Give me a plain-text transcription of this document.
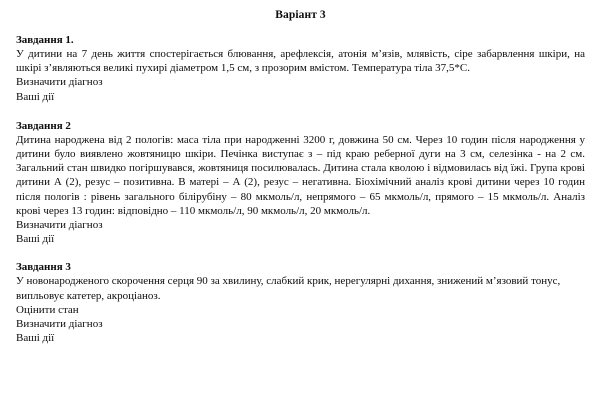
Варіант 3
Завдання 1.
У дитини на 7 день життя спостерігається блювання, арефлексія, атонія м’язів, млявість, сіре забарвлення шкіри, на шкірі з’являються великі пухирі діаметром 1,5 см, з прозорим вмістом. Температура тіла 37,5*С.
Визначити діагноз
Ваші дії
Завдання 2
Дитина народжена від 2 пологів: маса тіла при народженні 3200 г, довжина 50 см. Через 10 годин після народження у дитини було виявлено жовтяницю шкіри. Печінка виступає з – під краю реберної дуги на 3 см, селезінка - на 2 см. Загальний стан швидко погіршувався, жовтяниця посилювалась. Дитина стала кволою і відмовилась від їжі. Група крові дитини А (2), резус – позитивна. В матері – А (2), резус – негативна. Біохімічний аналіз крові дитини через 10 годин після пологів : рівень загального білірубіну – 80 мкмоль/л, непрямого – 65 мкмоль/л, прямого – 15 мкмоль/л. Аналіз крові через 13 годин: відповідно – 110 мкмоль/л, 90 мкмоль/л, 20 мкмоль/л.
Визначити діагноз
Ваші дії
Завдання 3
У новонародженого скорочення серця 90 за хвилину, слабкий крик, нерегулярні дихання, знижений м’язовий тонус, випльовує катетер, акроціаноз.
Оцінити стан
Визначити діагноз
Ваші дії
